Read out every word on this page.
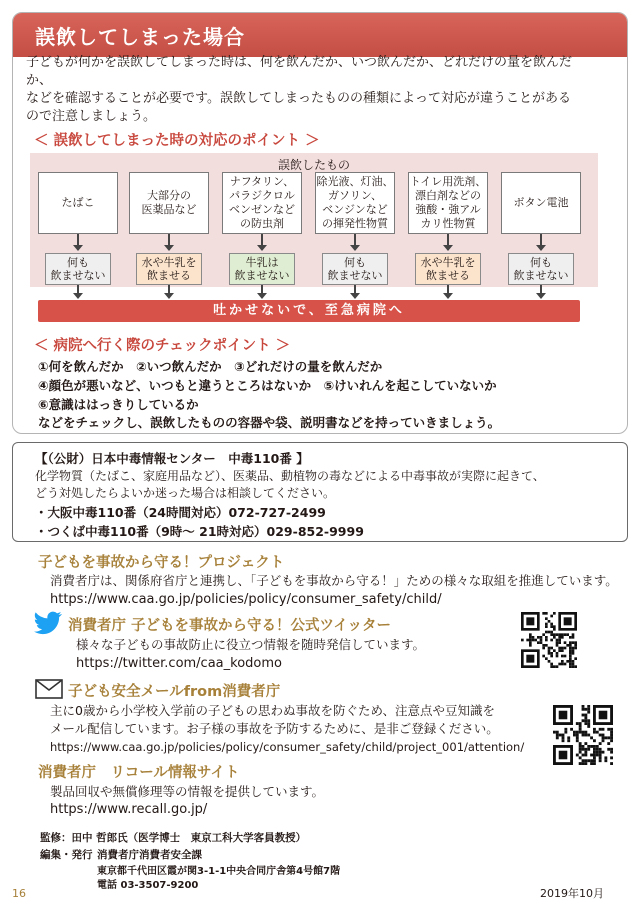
誤飲してしまった場合
子どもが何かを誤飲してしまった時は、何を飲んだか、いつ飲んだか、どれだけの量を飲んだか、
などを確認することが必要です。誤飲してしまったものの種類によって対応が違うことがある
ので注意しましょう。
＜ 誤飲してしまった時の対応のポイント ＞
誤飲したもの
たばこ
何も
飲ませない
大部分の
医薬品など
水や牛乳を
飲ませる
ナフタリン、
パラジクロル
ベンゼンなど
の防虫剤
牛乳は
飲ませない
除光液、灯油、
ガソリン、
ベンジンなど
の揮発性物質
何も
飲ませない
トイレ用洗剤、
漂白剤などの
強酸・強アル
カリ性物質
水や牛乳を
飲ませる
ボタン電池
何も
飲ませない
吐かせないで、至急病院へ
＜ 病院へ行く際のチェックポイント ＞
①何を飲んだか　②いつ飲んだか　③どれだけの量を飲んだか
④顔色が悪いなど、いつもと違うところはないか　⑤けいれんを起こしていないか
⑥意識ははっきりしているか
などをチェックし、誤飲したものの容器や袋、説明書などを持っていきましょう。
【（公財）日本中毒情報センター　中毒110番 】
化学物質（たばこ、家庭用品など）、医薬品、動植物の毒などによる中毒事故が実際に起きて、
どう対処したらよいか迷った場合は相談してください。
・大阪中毒110番（24時間対応）072-727-2499
・つくば中毒110番（9時～ 21時対応）029-852-9999
子どもを事故から守る！プロジェクト
消費者庁は、関係府省庁と連携し、「子どもを事故から守る！」ための様々な取組を推進しています。
https://www.caa.go.jp/policies/policy/consumer_safety/child/
消費者庁 子どもを事故から守る！公式ツイッター
様々な子どもの事故防止に役立つ情報を随時発信しています。
https://twitter.com/caa_kodomo
子ども安全メールfrom消費者庁
主に0歳から小学校入学前の子どもの思わぬ事故を防ぐため、注意点や豆知識を
メール配信しています。お子様の事故を予防するために、是非ご登録ください。
https://www.caa.go.jp/policies/policy/consumer_safety/child/project_001/attention/
消費者庁　リコール情報サイト
製品回収や無償修理等の情報を提供しています。
https://www.recall.go.jp/
監修：田中 哲郎氏（医学博士　東京工科大学客員教授）
編集・発行 消費者庁消費者安全課
東京都千代田区霞が関3-1-1中央合同庁舎第4号館7階
電話 03-3507-9200
16	2019年10月
